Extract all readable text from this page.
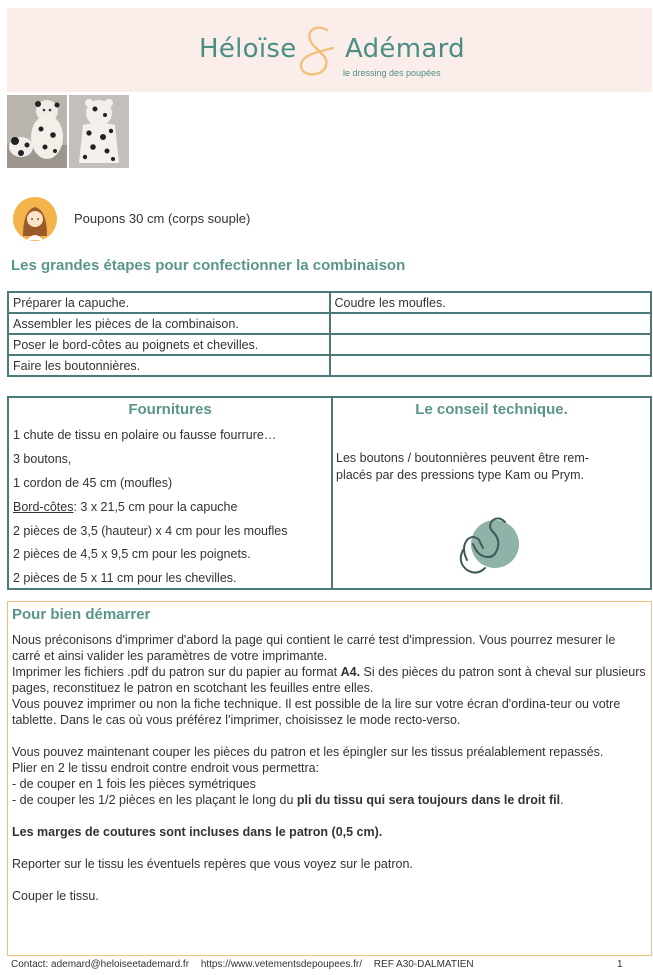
Héloïse Adémard
le dressing des poupées
Poupons 30 cm (corps souple)
Les grandes étapes pour confectionner la combinaison
Préparer la capuche.	Coudre les moufles.
Assembler les pièces de la combinaison.	
Poser le bord-côtes au poignets et chevilles.	
Faire les boutonnières.	
Fournitures
1 chute de tissu en polaire ou fausse fourrure…
3 boutons,
1 cordon de 45 cm (moufles)
Bord-côtes: 3 x 21,5 cm pour la capuche
2 pièces de 3,5 (hauteur) x 4 cm pour les moufles
2 pièces de 4,5 x 9,5 cm pour les poignets.
2 pièces de 5 x 11 cm pour les chevilles.
Le conseil technique.
Les boutons / boutonnières peuvent être rem-
placés par des pressions type Kam ou Prym.
Pour bien démarrer

Nous préconisons d'imprimer d'abord la page qui contient le carré test d'impression. Vous pourrez mesurer le carré et ainsi valider les paramètres de votre imprimante.

Imprimer les fichiers .pdf du patron sur du papier au format A4. Si des pièces du patron sont à cheval sur plusieurs pages, reconstituez le patron en scotchant les feuilles entre elles.

Vous pouvez imprimer ou non la fiche technique. Il est possible de la lire sur votre écran d'ordina-teur ou votre tablette. Dans le cas où vous préférez l'imprimer, choisissez le mode recto-verso.

Vous pouvez maintenant couper les pièces du patron et les épingler sur les tissus préalablement repassés.

Plier en 2 le tissu endroit contre endroit vous permettra:

- de couper en 1 fois les pièces symétriques

- de couper les 1/2 pièces en les plaçant le long du pli du tissu qui sera toujours dans le droit fil.

Les marges de coutures sont incluses dans le patron (0,5 cm).

Reporter sur le tissu les éventuels repères que vous voyez sur le patron.

Couper le tissu.

Contact: ademard@heloiseetademard.fr https://www.vetementsdepoupees.fr/ REF A30-DALMATIEN	1
